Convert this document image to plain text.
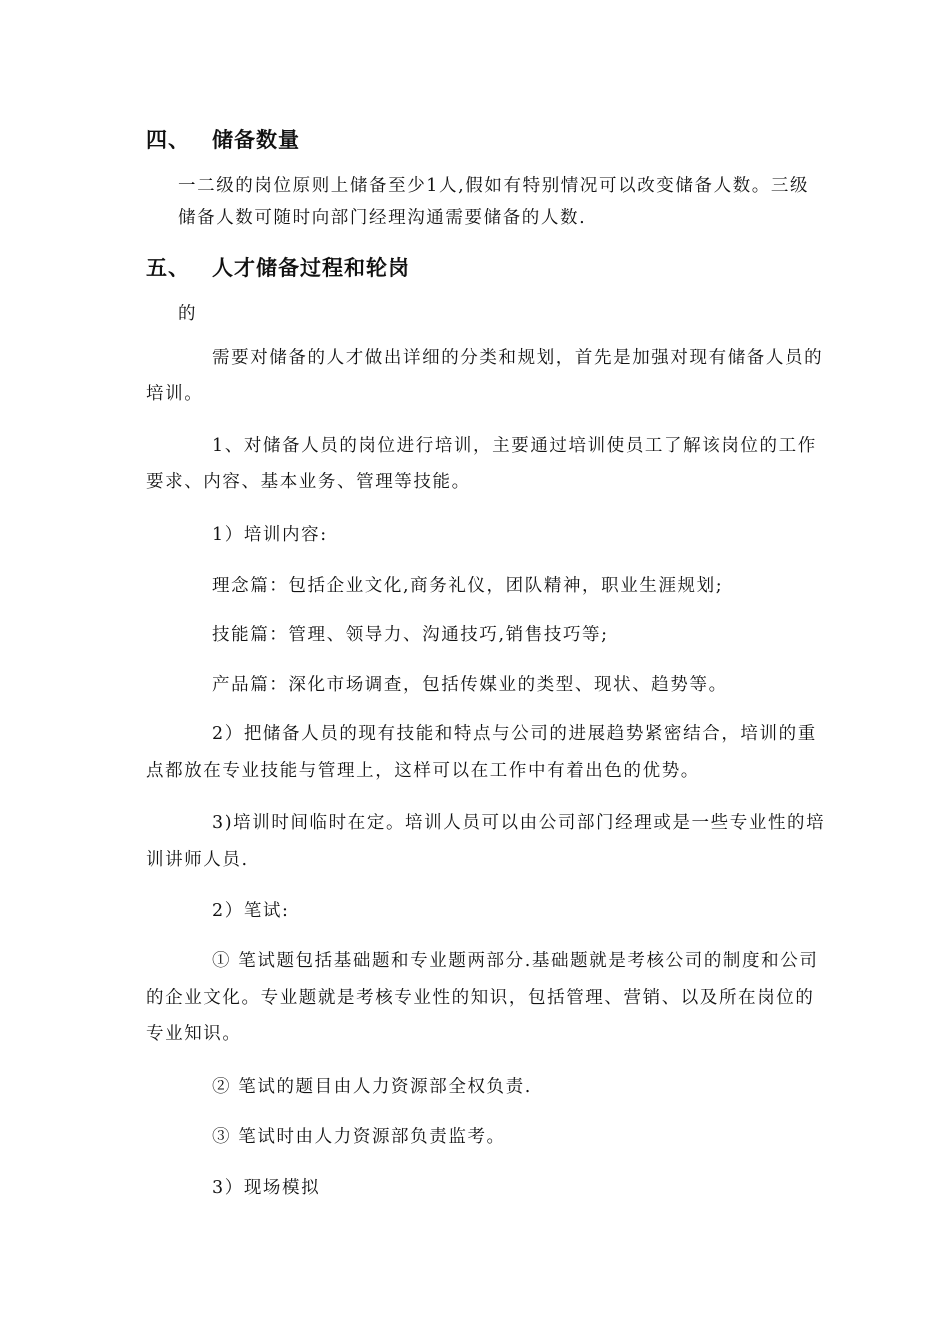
四、 储备数量
一二级的岗位原则上储备至少1人,假如有特别情况可以改变储备人数。三级
储备人数可随时向部门经理沟通需要储备的人数.
五、 人才储备过程和轮岗
的
需要对储备的人才做出详细的分类和规划，首先是加强对现有储备人员的
培训。
1、对储备人员的岗位进行培训，主要通过培训使员工了解该岗位的工作
要求、内容、基本业务、管理等技能。
1）培训内容:
理念篇：包括企业文化,商务礼仪，团队精神，职业生涯规划;
技能篇：管理、领导力、沟通技巧,销售技巧等;
产品篇：深化市场调查，包括传媒业的类型、现状、趋势等。
2）把储备人员的现有技能和特点与公司的进展趋势紧密结合，培训的重
点都放在专业技能与管理上，这样可以在工作中有着出色的优势。
3)培训时间临时在定。培训人员可以由公司部门经理或是一些专业性的培
训讲师人员.
2）笔试:
① 笔试题包括基础题和专业题两部分.基础题就是考核公司的制度和公司
的企业文化。专业题就是考核专业性的知识，包括管理、营销、以及所在岗位的
专业知识。
② 笔试的题目由人力资源部全权负责.
③ 笔试时由人力资源部负责监考。
3）现场模拟
